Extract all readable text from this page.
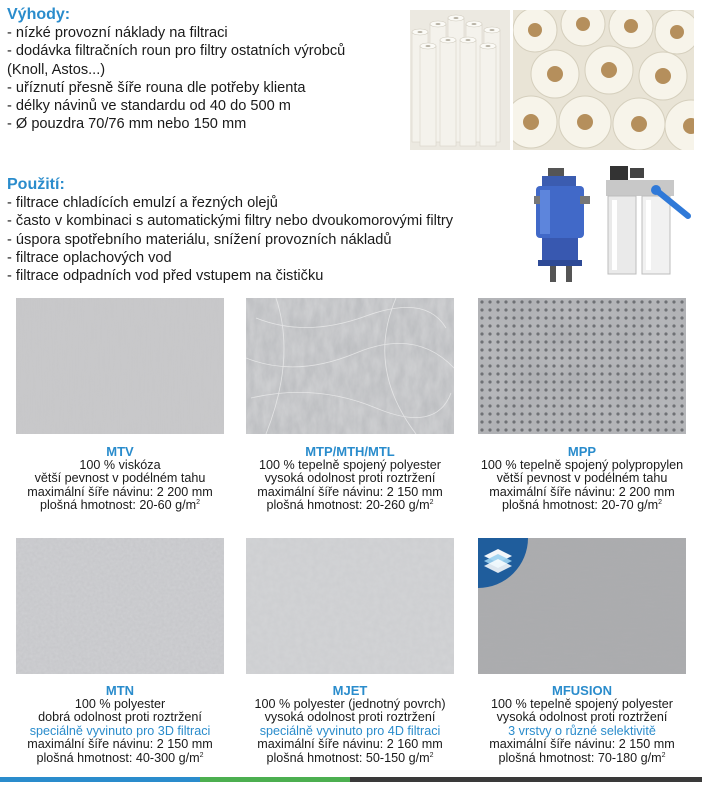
Výhody:
- nízké provozní náklady na filtraci
- dodávka filtračních roun pro filtry ostatních výrobců
(Knoll, Astos...)
- uříznutí přesně šíře rouna dle potřeby klienta
- délky návinů ve standardu od 40 do 500 m
- Ø pouzdra 70/76 mm nebo 150 mm
Použití:
- filtrace chladících emulzí a řezných olejů
- často v kombinaci s automatickými filtry nebo dvoukomorovými filtry
- úspora spotřebního materiálu, snížení provozních nákladů
- filtrace oplachových vod
- filtrace odpadních vod před vstupem na čističku
MTV
100 % viskóza
větší pevnost v podélném tahu
maximální šíře návinu: 2 200 mm
plošná hmotnost: 20-60 $g/m^2$
MTP/MTH/MTL
100 % tepelně spojený polyester
vysoká odolnost proti roztržení
maximální šíře návinu: 2 150 mm
plošná hmotnost: 20-260 $g/m^2$
MPP
100 % tepelně spojený polypropylen
větší pevnost v podélném tahu
maximální šíře návinu: 2 200 mm
plošná hmotnost: 20-70 $g/m^2$
MTN
100 % polyester
dobrá odolnost proti roztržení
speciálně vyvinuto pro 3D filtraci
maximální šíře návinu: 2 150 mm
plošná hmotnost: 40-300 $g/m^2$
MJET
100 % polyester (jednotný povrch)
vysoká odolnost proti roztržení
speciálně vyvinuto pro 4D filtraci
maximální šíře návinu: 2 160 mm
plošná hmotnost: 50-150 $g/m^2$
MFUSION
100 % tepelně spojený polyester
vysoká odolnost proti roztržení
3 vrstvy o různé selektivitě
maximální šíře návinu: 2 150 mm
plošná hmotnost: 70-180 $g/m^2$
